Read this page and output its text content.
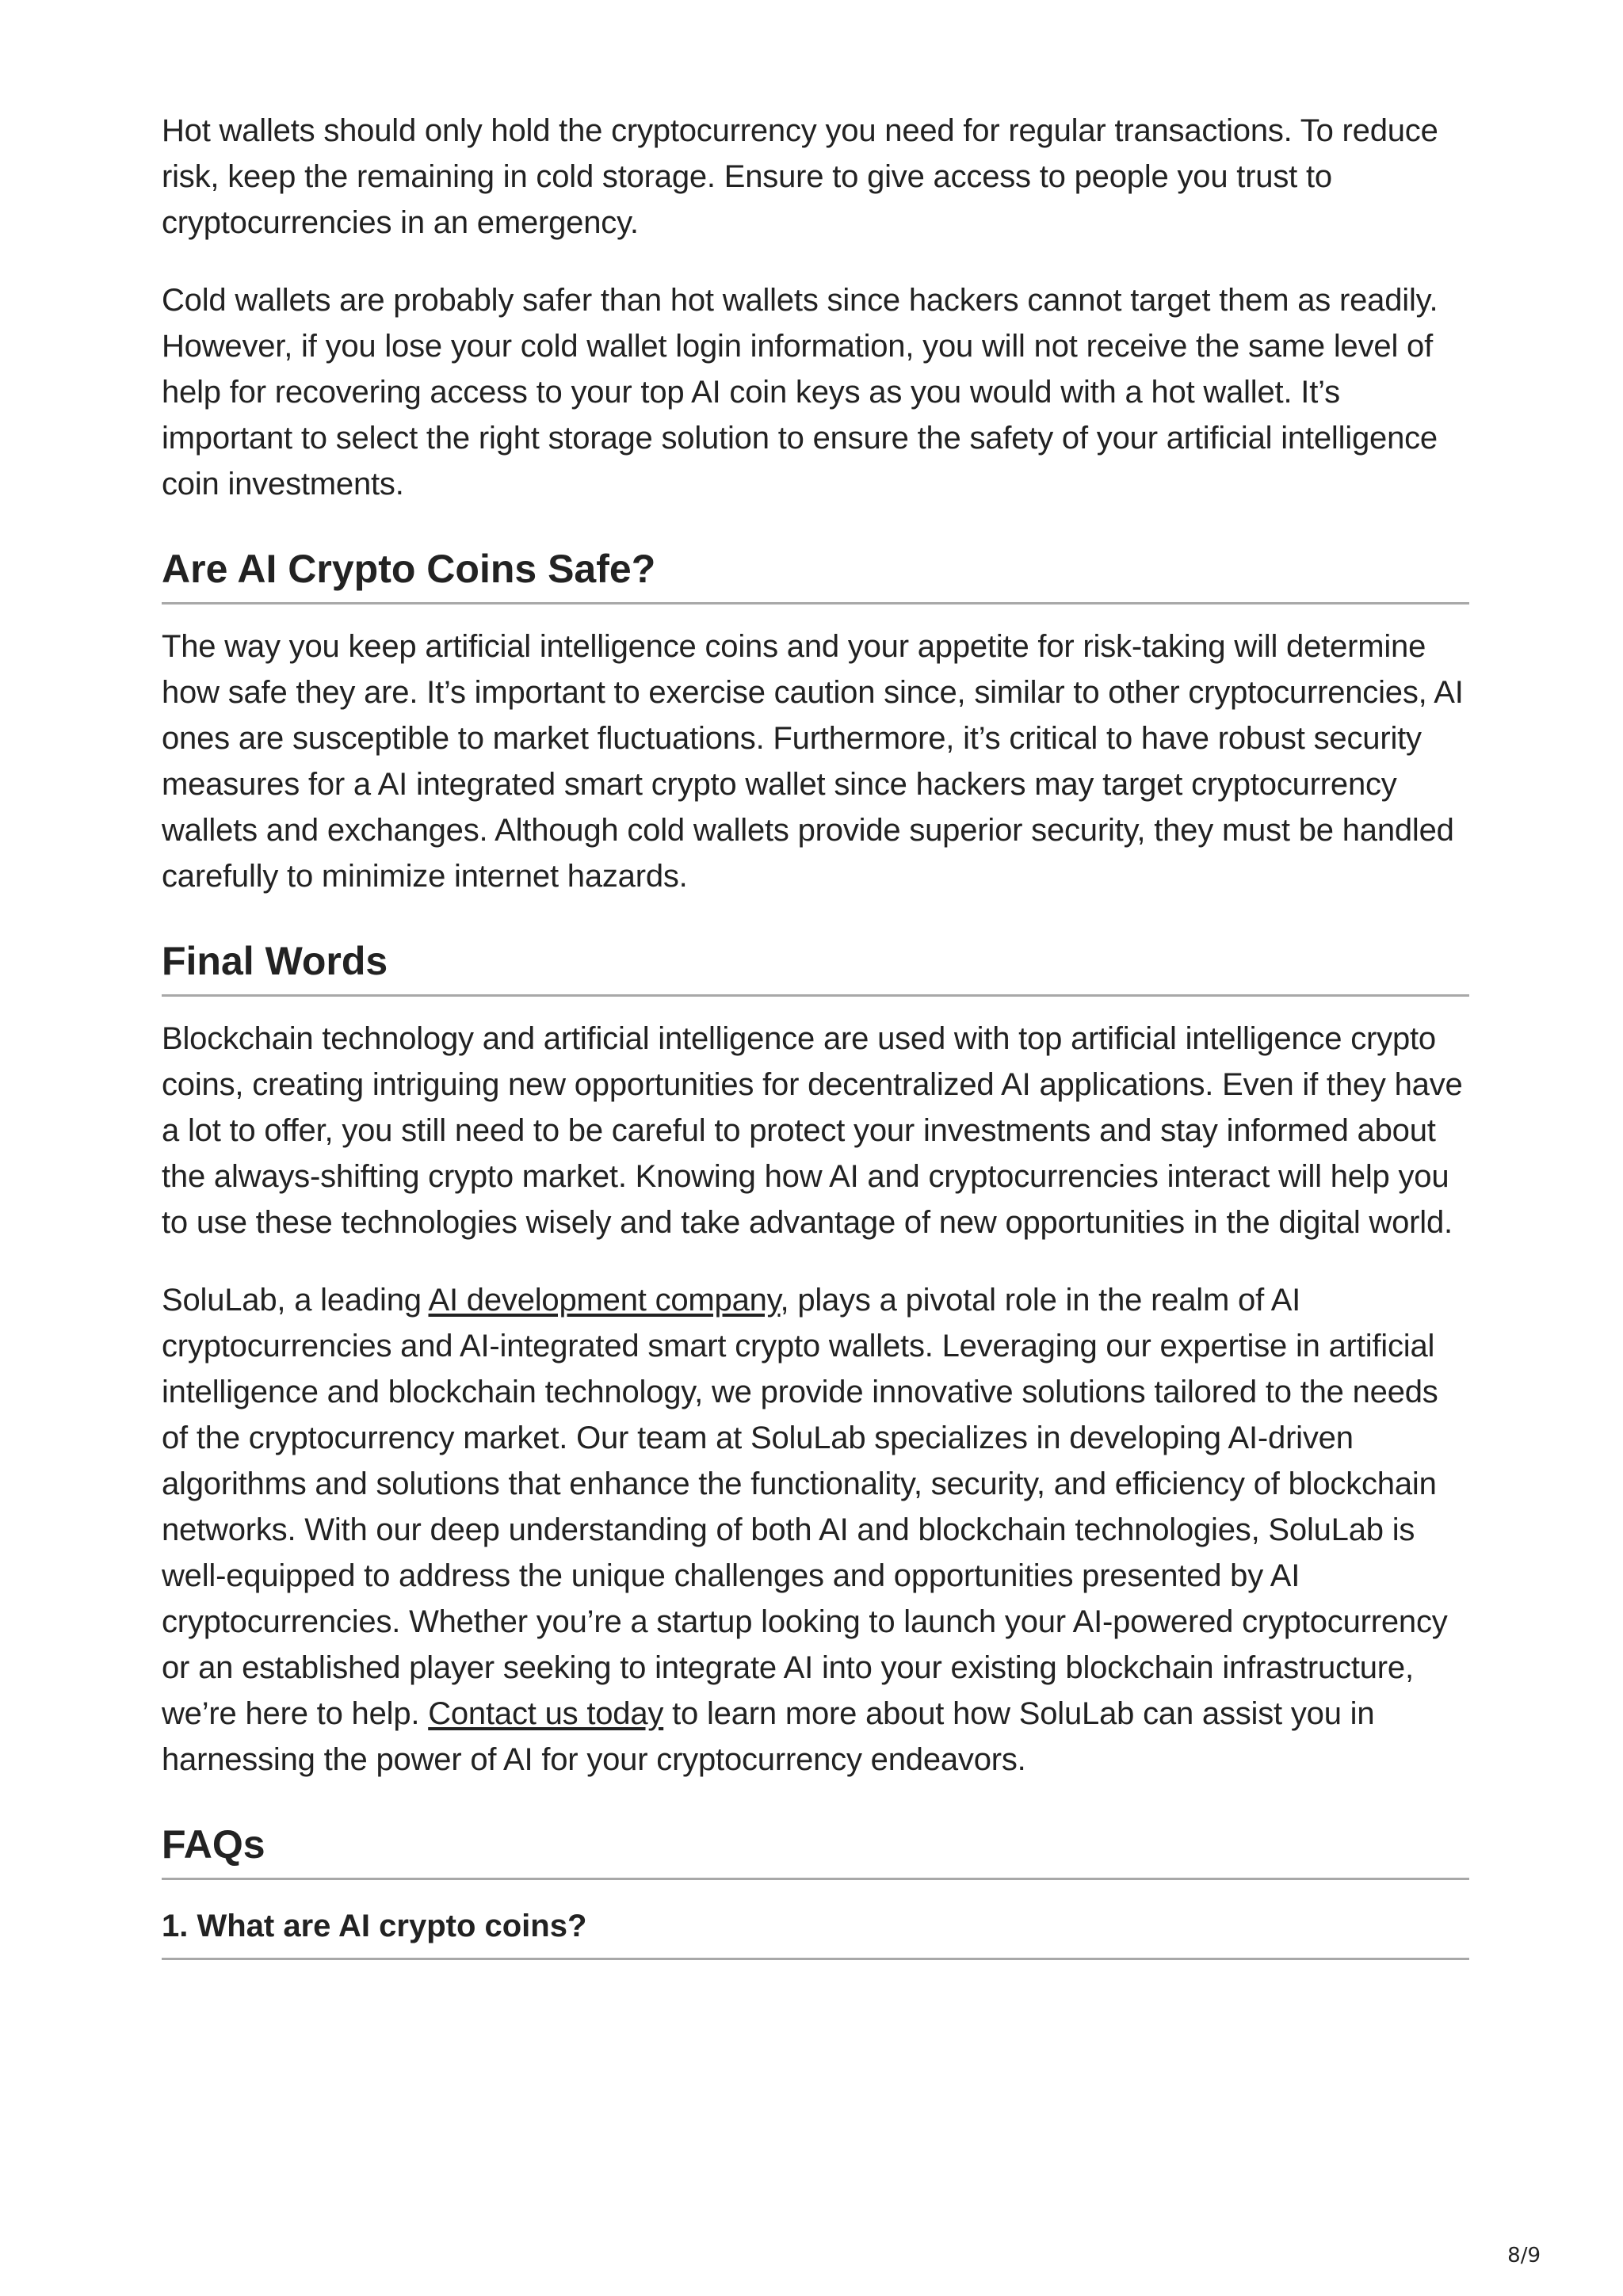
Hot wallets should only hold the cryptocurrency you need for regular transactions. To reduce risk, keep the remaining in cold storage. Ensure to give access to people you trust to cryptocurrencies in an emergency.

Cold wallets are probably safer than hot wallets since hackers cannot target them as readily. However, if you lose your cold wallet login information, you will not receive the same level of help for recovering access to your top AI coin keys as you would with a hot wallet. It’s important to select the right storage solution to ensure the safety of your artificial intelligence coin investments.

Are AI Crypto Coins Safe?

The way you keep artificial intelligence coins and your appetite for risk-taking will determine how safe they are. It’s important to exercise caution since, similar to other cryptocurrencies, AI ones are susceptible to market fluctuations. Furthermore, it’s critical to have robust security measures for a AI integrated smart crypto wallet since hackers may target cryptocurrency wallets and exchanges. Although cold wallets provide superior security, they must be handled carefully to minimize internet hazards.

Final Words

Blockchain technology and artificial intelligence are used with top artificial intelligence crypto coins, creating intriguing new opportunities for decentralized AI applications. Even if they have a lot to offer, you still need to be careful to protect your investments and stay informed about the always-shifting crypto market. Knowing how AI and cryptocurrencies interact will help you to use these technologies wisely and take advantage of new opportunities in the digital world.

SoluLab, a leading AI development company, plays a pivotal role in the realm of AI cryptocurrencies and AI-integrated smart crypto wallets. Leveraging our expertise in artificial intelligence and blockchain technology, we provide innovative solutions tailored to the needs of the cryptocurrency market. Our team at SoluLab specializes in developing AI-driven algorithms and solutions that enhance the functionality, security, and efficiency of blockchain networks. With our deep understanding of both AI and blockchain technologies, SoluLab is well-equipped to address the unique challenges and opportunities presented by AI cryptocurrencies. Whether you’re a startup looking to launch your AI-powered cryptocurrency or an established player seeking to integrate AI into your existing blockchain infrastructure, we’re here to help. Contact us today to learn more about how SoluLab can assist you in harnessing the power of AI for your cryptocurrency endeavors.

FAQs
1. What are AI crypto coins?
8/9
